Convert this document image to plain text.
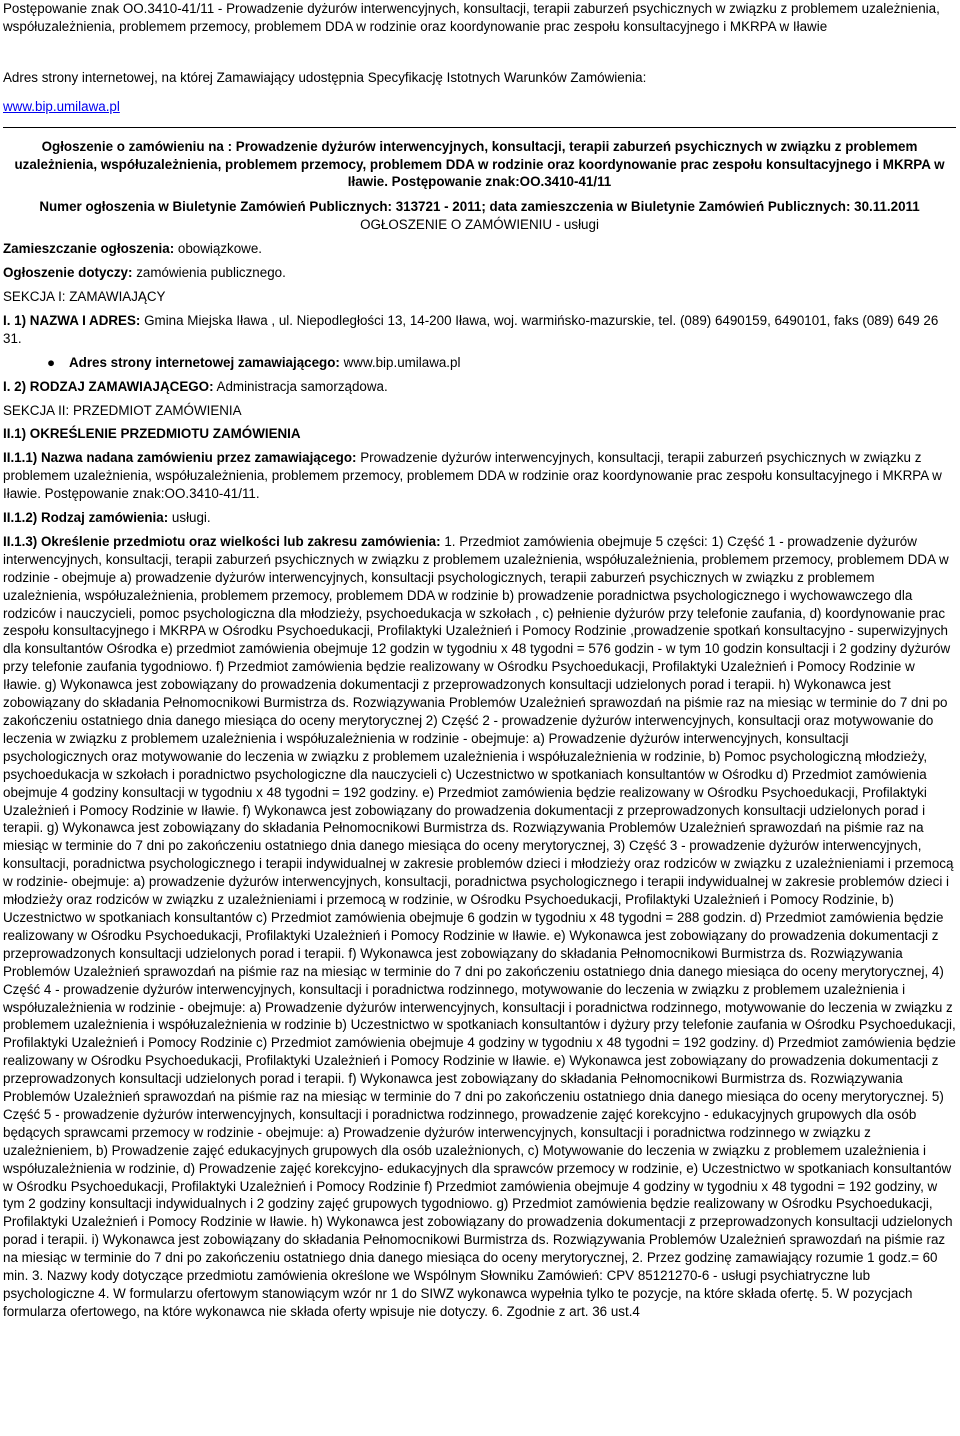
Postępowanie znak OO.3410-41/11 - Prowadzenie dyżurów interwencyjnych, konsultacji, terapii zaburzeń psychicznych w związku z problemem uzależnienia, współuzależnienia, problemem przemocy, problemem DDA w rodzinie oraz koordynowanie prac zespołu konsultacyjnego i MKRPA w Iławie

Adres strony internetowej, na której Zamawiający udostępnia Specyfikację Istotnych Warunków Zamówienia:

www.bip.umilawa.pl

Ogłoszenie o zamówieniu na : Prowadzenie dyżurów interwencyjnych, konsultacji, terapii zaburzeń psychicznych w związku z problemem uzależnienia, współuzależnienia, problemem przemocy, problemem DDA w rodzinie oraz koordynowanie prac zespołu konsultacyjnego i MKRPA w Iławie. Postępowanie znak:OO.3410-41/11

Numer ogłoszenia w Biuletynie Zamówień Publicznych: 313721 - 2011; data zamieszczenia w Biuletynie Zamówień Publicznych: 30.11.2011

OGŁOSZENIE O ZAMÓWIENIU - usługi

Zamieszczanie ogłoszenia: obowiązkowe.

Ogłoszenie dotyczy: zamówienia publicznego.

SEKCJA I: ZAMAWIAJĄCY

I. 1) NAZWA I ADRES: Gmina Miejska Iława , ul. Niepodległości 13, 14-200 Iława, woj. warmińsko-mazurskie, tel. (089) 6490159, 6490101, faks (089) 649 26 31.

● Adres strony internetowej zamawiającego: www.bip.umilawa.pl

I. 2) RODZAJ ZAMAWIAJĄCEGO: Administracja samorządowa.

SEKCJA II: PRZEDMIOT ZAMÓWIENIA

II.1) OKREŚLENIE PRZEDMIOTU ZAMÓWIENIA

II.1.1) Nazwa nadana zamówieniu przez zamawiającego: Prowadzenie dyżurów interwencyjnych, konsultacji, terapii zaburzeń psychicznych w związku z problemem uzależnienia, współuzależnienia, problemem przemocy, problemem DDA w rodzinie oraz koordynowanie prac zespołu konsultacyjnego i MKRPA w Iławie. Postępowanie znak:OO.3410-41/11.

II.1.2) Rodzaj zamówienia: usługi.

II.1.3) Określenie przedmiotu oraz wielkości lub zakresu zamówienia: 1. Przedmiot zamówienia obejmuje 5 części: 1) Część 1 - prowadzenie dyżurów interwencyjnych, konsultacji, terapii zaburzeń psychicznych w związku z problemem uzależnienia, współuzależnienia, problemem przemocy, problemem DDA w rodzinie - obejmuje a) prowadzenie dyżurów interwencyjnych, konsultacji psychologicznych, terapii zaburzeń psychicznych w związku z problemem uzależnienia, współuzależnienia, problemem przemocy, problemem DDA w rodzinie b) prowadzenie poradnictwa psychologicznego i wychowawczego dla rodziców i nauczycieli, pomoc psychologiczna dla młodzieży, psychoedukacja w szkołach , c) pełnienie dyżurów przy telefonie zaufania, d) koordynowanie prac zespołu konsultacyjnego i MKRPA w Ośrodku Psychoedukacji, Profilaktyki Uzależnień i Pomocy Rodzinie ,prowadzenie spotkań konsultacyjno - superwizyjnych dla konsultantów Ośrodka e) przedmiot zamówienia obejmuje 12 godzin w tygodniu x 48 tygodni = 576 godzin - w tym 10 godzin konsultacji i 2 godziny dyżurów przy telefonie zaufania tygodniowo. f) Przedmiot zamówienia będzie realizowany w Ośrodku Psychoedukacji, Profilaktyki Uzależnień i Pomocy Rodzinie w Iławie. g) Wykonawca jest zobowiązany do prowadzenia dokumentacji z przeprowadzonych konsultacji udzielonych porad i terapii. h) Wykonawca jest zobowiązany do składania Pełnomocnikowi Burmistrza ds. Rozwiązywania Problemów Uzależnień sprawozdań na piśmie raz na miesiąc w terminie do 7 dni po zakończeniu ostatniego dnia danego miesiąca do oceny merytorycznej 2) Część 2 - prowadzenie dyżurów interwencyjnych, konsultacji oraz motywowanie do leczenia w związku z problemem uzależnienia i współuzależnienia w rodzinie - obejmuje: a) Prowadzenie dyżurów interwencyjnych, konsultacji psychologicznych oraz motywowanie do leczenia w związku z problemem uzależnienia i współuzależnienia w rodzinie, b) Pomoc psychologiczną młodzieży, psychoedukacja w szkołach i poradnictwo psychologiczne dla nauczycieli c) Uczestnictwo w spotkaniach konsultantów w Ośrodku d) Przedmiot zamówienia obejmuje 4 godziny konsultacji w tygodniu x 48 tygodni = 192 godziny. e) Przedmiot zamówienia będzie realizowany w Ośrodku Psychoedukacji, Profilaktyki Uzależnień i Pomocy Rodzinie w Iławie. f) Wykonawca jest zobowiązany do prowadzenia dokumentacji z przeprowadzonych konsultacji udzielonych porad i terapii. g) Wykonawca jest zobowiązany do składania Pełnomocnikowi Burmistrza ds. Rozwiązywania Problemów Uzależnień sprawozdań na piśmie raz na miesiąc w terminie do 7 dni po zakończeniu ostatniego dnia danego miesiąca do oceny merytorycznej, 3) Część 3 - prowadzenie dyżurów interwencyjnych, konsultacji, poradnictwa psychologicznego i terapii indywidualnej w zakresie problemów dzieci i młodzieży oraz rodziców w związku z uzależnieniami i przemocą w rodzinie- obejmuje: a) prowadzenie dyżurów interwencyjnych, konsultacji, poradnictwa psychologicznego i terapii indywidualnej w zakresie problemów dzieci i młodzieży oraz rodziców w związku z uzależnieniami i przemocą w rodzinie, w Ośrodku Psychoedukacji, Profilaktyki Uzależnień i Pomocy Rodzinie, b) Uczestnictwo w spotkaniach konsultantów c) Przedmiot zamówienia obejmuje 6 godzin w tygodniu x 48 tygodni = 288 godzin. d) Przedmiot zamówienia będzie realizowany w Ośrodku Psychoedukacji, Profilaktyki Uzależnień i Pomocy Rodzinie w Iławie. e) Wykonawca jest zobowiązany do prowadzenia dokumentacji z przeprowadzonych konsultacji udzielonych porad i terapii. f) Wykonawca jest zobowiązany do składania Pełnomocnikowi Burmistrza ds. Rozwiązywania Problemów Uzależnień sprawozdań na piśmie raz na miesiąc w terminie do 7 dni po zakończeniu ostatniego dnia danego miesiąca do oceny merytorycznej, 4) Część 4 - prowadzenie dyżurów interwencyjnych, konsultacji i poradnictwa rodzinnego, motywowanie do leczenia w związku z problemem uzależnienia i współuzależnienia w rodzinie - obejmuje: a) Prowadzenie dyżurów interwencyjnych, konsultacji i poradnictwa rodzinnego, motywowanie do leczenia w związku z problemem uzależnienia i współuzależnienia w rodzinie b) Uczestnictwo w spotkaniach konsultantów i dyżury przy telefonie zaufania w Ośrodku Psychoedukacji, Profilaktyki Uzależnień i Pomocy Rodzinie c) Przedmiot zamówienia obejmuje 4 godziny w tygodniu x 48 tygodni = 192 godziny. d) Przedmiot zamówienia będzie realizowany w Ośrodku Psychoedukacji, Profilaktyki Uzależnień i Pomocy Rodzinie w Iławie. e) Wykonawca jest zobowiązany do prowadzenia dokumentacji z przeprowadzonych konsultacji udzielonych porad i terapii. f) Wykonawca jest zobowiązany do składania Pełnomocnikowi Burmistrza ds. Rozwiązywania Problemów Uzależnień sprawozdań na piśmie raz na miesiąc w terminie do 7 dni po zakończeniu ostatniego dnia danego miesiąca do oceny merytorycznej. 5) Część 5 - prowadzenie dyżurów interwencyjnych, konsultacji i poradnictwa rodzinnego, prowadzenie zajęć korekcyjno - edukacyjnych grupowych dla osób będących sprawcami przemocy w rodzinie - obejmuje: a) Prowadzenie dyżurów interwencyjnych, konsultacji i poradnictwa rodzinnego w związku z uzależnieniem, b) Prowadzenie zajęć edukacyjnych grupowych dla osób uzależnionych, c) Motywowanie do leczenia w związku z problemem uzależnienia i współuzależnienia w rodzinie, d) Prowadzenie zajęć korekcyjno- edukacyjnych dla sprawców przemocy w rodzinie, e) Uczestnictwo w spotkaniach konsultantów w Ośrodku Psychoedukacji, Profilaktyki Uzależnień i Pomocy Rodzinie f) Przedmiot zamówienia obejmuje 4 godziny w tygodniu x 48 tygodni = 192 godziny, w tym 2 godziny konsultacji indywidualnych i 2 godziny zajęć grupowych tygodniowo. g) Przedmiot zamówienia będzie realizowany w Ośrodku Psychoedukacji, Profilaktyki Uzależnień i Pomocy Rodzinie w Iławie. h) Wykonawca jest zobowiązany do prowadzenia dokumentacji z przeprowadzonych konsultacji udzielonych porad i terapii. i) Wykonawca jest zobowiązany do składania Pełnomocnikowi Burmistrza ds. Rozwiązywania Problemów Uzależnień sprawozdań na piśmie raz na miesiąc w terminie do 7 dni po zakończeniu ostatniego dnia danego miesiąca do oceny merytorycznej, 2. Przez godzinę zamawiający rozumie 1 godz.= 60 min. 3. Nazwy kody dotyczące przedmiotu zamówienia określone we Wspólnym Słowniku Zamówień: CPV 85121270-6 - usługi psychiatryczne lub psychologiczne 4. W formularzu ofertowym stanowiącym wzór nr 1 do SIWZ wykonawca wypełnia tylko te pozycje, na które składa ofertę. 5. W pozycjach formularza ofertowego, na które wykonawca nie składa oferty wpisuje nie dotyczy. 6. Zgodnie z art. 36 ust.4
